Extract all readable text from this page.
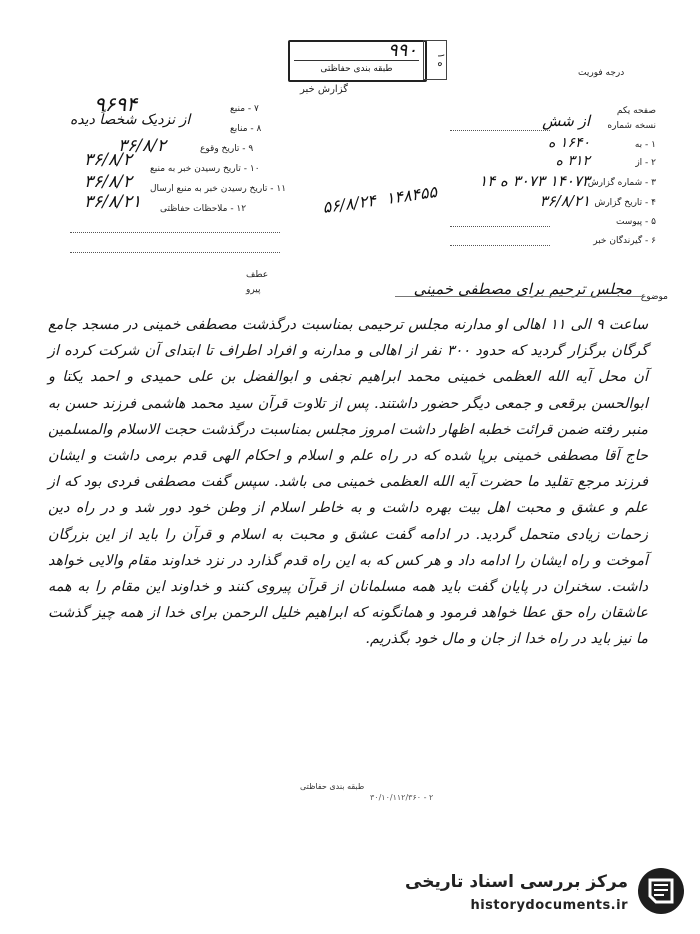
۹۹۰
طبقه بندی حفاظتی
۱ ه
گزارش خبر
درجه فوریت
صفحه یکم
نسخه شماره
از شش
۱ - به
۱۶۴۰ ه
۲ - از
۳۱۲ ه
۳ - شماره گزارش
۱۴۰۷۳ ۳۰۷۳ ه ۱۴
۴ - تاریخ گزارش
۳۶/۸/۲۱
۵ - پیوست
۶ - گیرندگان خبر
۷ - منبع
۹۶۹۴
۸ - منابع
از نزدیک شخصاً دیده
۹ - تاریخ وقوع
۳۶/۸/۲
۱۰ - تاریخ رسیدن خبر به منبع
۳۶/۸/۲
۱۱ - تاریخ رسیدن خبر به منبع ارسال
۳۶/۸/۲
۱۲ - ملاحظات حفاظتی
۳۶/۸/۲۱	۱۴۸۴۵۵  ۵۶/۸/۲۴
عطف
پیرو
موضوع
مجلس ترحیم برای مصطفی خمینی
ساعت ۹ الی ۱۱ اهالی او مدارنه مجلس ترحیمی بمناسبت درگذشت مصطفی خمینی در مسجد جامع گرگان برگزار گردید که حدود ۳۰۰ نفر از اهالی و مدارنه و افراد اطراف تا ابتدای آن شرکت کرده از آن محل آیه الله العظمی خمینی محمد ابراهیم نجفی و ابوالفضل بن علی حمیدی و احمد یکتا و ابوالحسن برقعی و جمعی دیگر حضور داشتند. پس از تلاوت قرآن سید محمد هاشمی فرزند حسن به منبر رفته ضمن قرائت خطبه اظهار داشت امروز مجلس بمناسبت درگذشت حجت الاسلام والمسلمین حاج آقا مصطفی خمینی برپا شده که در راه علم و اسلام و احکام الهی قدم برمی داشت و ایشان فرزند مرجع تقلید ما حضرت آیه الله العظمی خمینی می باشد. سپس گفت مصطفی فردی بود که از علم و عشق و محبت اهل بیت بهره داشت و به خاطر اسلام از وطن خود دور شد و در راه دین زحمات زیادی متحمل گردید. در ادامه گفت عشق و محبت به اسلام و قرآن را باید از این بزرگان آموخت و راه ایشان را ادامه داد و هر کس که به این راه قدم گذارد در نزد خداوند مقام والایی خواهد داشت. سخنران در پایان گفت باید همه مسلمانان از قرآن پیروی کنند و خداوند این مقام را به همه عاشقان راه حق عطا خواهد فرمود و همانگونه که ابراهیم خلیل الرحمن برای خدا از همه چیز گذشت ما نیز باید در راه خدا از جان و مال خود بگذریم.
طبقه بندی حفاظتی
۳۰/۱۰/۱۱۲/۳۶۰ - ۲
مرکز بررسی اسناد تاریخی
historydocuments.ir
